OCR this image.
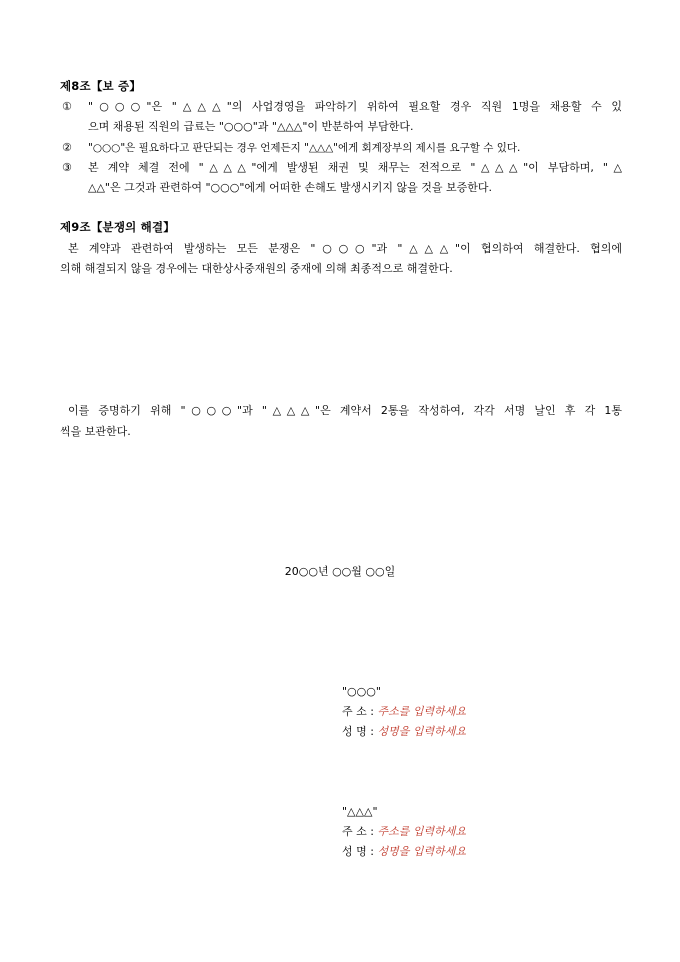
제8조【보 증】
① "○○○"은 "△△△"의 사업경영을 파악하기 위하여 필요할 경우 직원 1명을 채용할 수 있
으며 채용된 직원의 급료는 "○○○"과 "△△△"이 반분하여 부담한다.
② "○○○"은 필요하다고 판단되는 경우 언제든지 "△△△"에게 회계장부의 제시를 요구할 수 있다.
③ 본 계약 체결 전에 "△△△"에게 발생된 채권 및 채무는 전적으로 "△△△"이 부담하며, "△
△△"은 그것과 관련하여 "○○○"에게 어떠한 손해도 발생시키지 않을 것을 보증한다.
제9조【분쟁의 해결】
본 계약과 관련하여 발생하는 모든 분쟁은 "○○○"과 "△△△"이 협의하여 해결한다. 협의에
의해 해결되지 않을 경우에는 대한상사중재원의 중재에 의해 최종적으로 해결한다.
이를 증명하기 위해 "○○○"과 "△△△"은 계약서 2통을 작성하여, 각각 서명 날인 후 각 1통
씩을 보관한다.
20○○년 ○○월 ○○일
"○○○"
주 소 : 주소를 입력하세요
성 명 : 성명을 입력하세요
"△△△"
주 소 : 주소를 입력하세요
성 명 : 성명을 입력하세요
